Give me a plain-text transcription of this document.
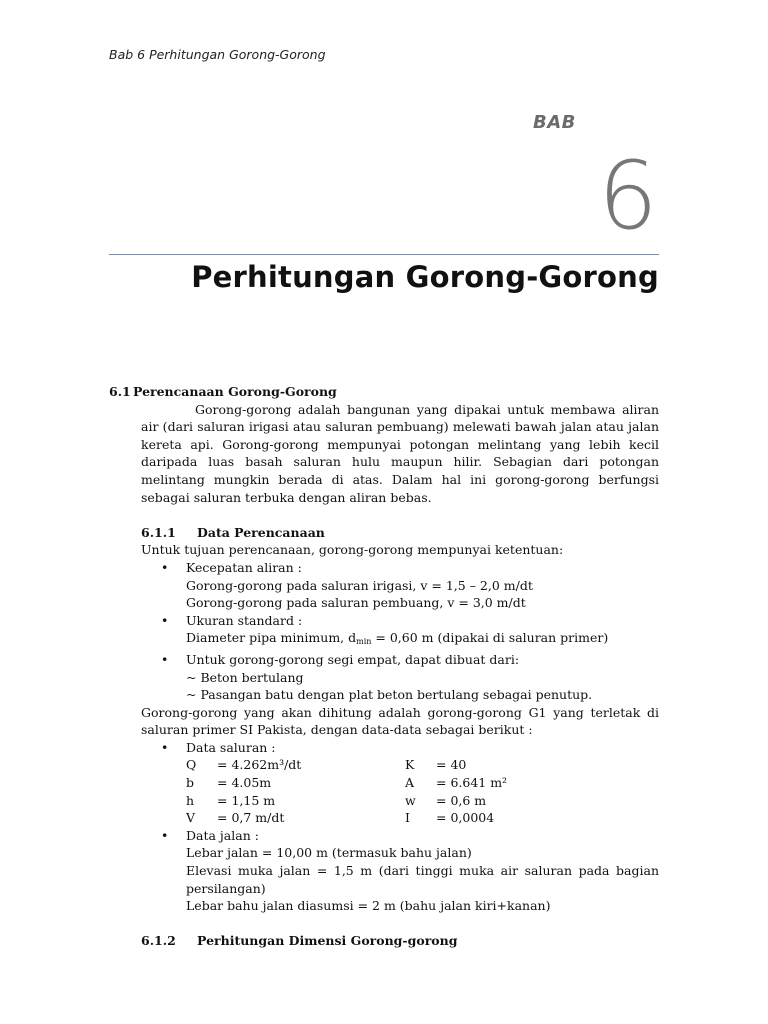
Bab 6 Perhitungan Gorong-Gorong
BAB
6
Perhitungan Gorong-Gorong

6.1 Perencanaan Gorong-Gorong

Gorong-gorong adalah bangunan yang dipakai untuk membawa aliran air (dari saluran irigasi atau saluran pembuang) melewati bawah jalan atau jalan kereta api. Gorong-gorong mempunyai potongan melintang yang lebih kecil daripada luas basah saluran hulu maupun hilir. Sebagian dari potongan melintang mungkin berada di atas. Dalam hal ini gorong-gorong berfungsi sebagai saluran terbuka dengan aliran bebas.

6.1.1 Data Perencanaan

Untuk tujuan perencanaan, gorong-gorong mempunyai ketentuan:

• Kecepatan aliran :
Gorong-gorong pada saluran irigasi, v = 1,5 – 2,0 m/dt
Gorong-gorong pada saluran pembuang, v = 3,0 m/dt
• Ukuran standard :
Diameter pipa minimum, $d_{min} = 0,60$ m (dipakai di saluran primer)
• Untuk gorong-gorong segi empat, dapat dibuat dari:
~ Beton bertulang
~ Pasangan batu dengan plat beton bertulang sebagai penutup.

Gorong-gorong yang akan dihitung adalah gorong-gorong G1 yang terletak di saluran primer SI Pakista, dengan data-data sebagai berikut :

• Data saluran :
Q	= 4.262m³/dt	K	= 40
b	= 4.05m	A	= 6.641 m²
h	= 1,15 m	w	= 0,6 m
V	= 0,7 m/dt	I	= 0,0004
• Data jalan :
Lebar jalan = 10,00 m (termasuk bahu jalan)
Elevasi muka jalan = 1,5 m (dari tinggi muka air saluran pada bagian persilangan)
Lebar bahu jalan diasumsi = 2 m (bahu jalan kiri+kanan)

6.1.2 Perhitungan Dimensi Gorong-gorong
